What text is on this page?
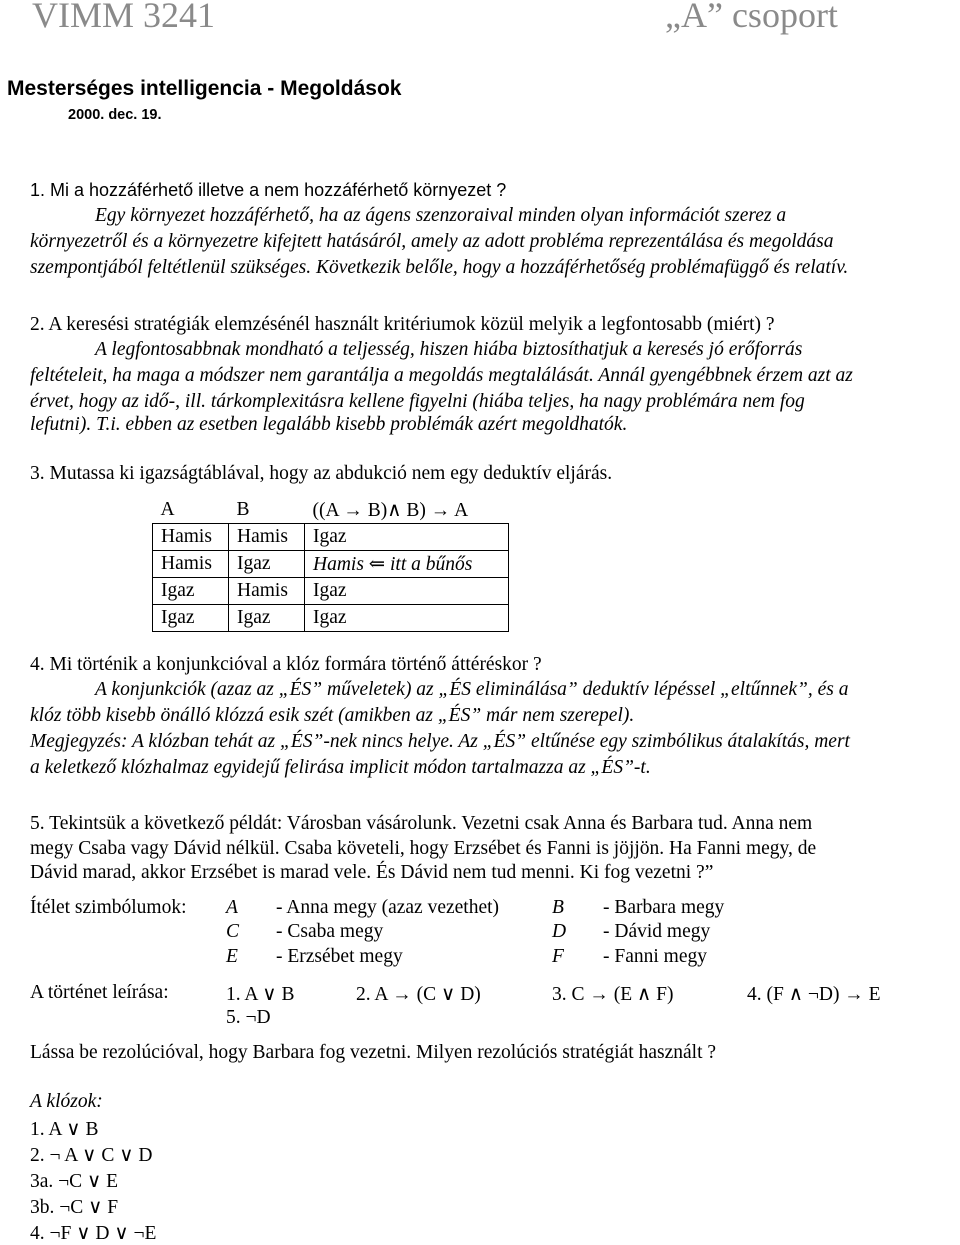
VIMM 3241	„A” csoport
Mesterséges intelligencia - Megoldások
2000. dec. 19.
1. Mi a hozzáférhető illetve a nem hozzáférhető környezet ?
Egy környezet hozzáférhető, ha az ágens szenzoraival minden olyan információt szerez a
környezetről és a környezetre kifejtett hatásáról, amely az adott probléma reprezentálása és megoldása
szempontjából feltétlenül szükséges. Következik belőle, hogy a hozzáférhetőség problémafüggő és relatív.
2. A keresési stratégiák elemzésénél használt kritériumok közül melyik a legfontosabb (miért) ?
A legfontosabbnak mondható a teljesség, hiszen hiába biztosíthatjuk a keresés jó erőforrás
feltételeit, ha maga a módszer nem garantálja a megoldás megtalálását. Annál gyengébbnek érzem azt az
érvet, hogy az idő-, ill. tárkomplexitásra kellene figyelni (hiába teljes, ha nagy problémára nem fog
lefutni). T.i. ebben az esetben legalább kisebb problémák azért megoldhatók.
3. Mutassa ki igazságtáblával, hogy az abdukció nem egy deduktív eljárás.
A	B	((A → B)∧ B) → A
Hamis	Hamis	Igaz
Hamis	Igaz	Hamis ⇐ itt a bűnős
Igaz	Hamis	Igaz
Igaz	Igaz	Igaz
4. Mi történik a konjunkcióval a klóz formára történő áttéréskor ?
A konjunkciók (azaz az „ÉS” műveletek) az „ÉS eliminálása” deduktív lépéssel „eltűnnek”, és a
klóz több kisebb önálló klózzá esik szét (amikben az „ÉS” már nem szerepel).
Megjegyzés: A klózban tehát az „ÉS”-nek nincs helye. Az „ÉS” eltűnése egy szimbólikus átalakítás, mert
a keletkező klózhalmaz egyidejű felirása implicit módon tartalmazza az „ÉS”-t.
5. Tekintsük a következő példát: Városban vásárolunk. Vezetni csak Anna és Barbara tud. Anna nem
megy Csaba vagy Dávid nélkül. Csaba követeli, hogy Erzsébet és Fanni is jöjjön. Ha Fanni megy, de
Dávid marad, akkor Erzsébet is marad vele. És Dávid nem tud menni. Ki fog vezetni ?”
Ítélet szimbólumok: A - Anna megy (azaz vezethet)	B - Barbara megy
C - Csaba megy	D - Dávid megy
E - Erzsébet megy	F - Fanni megy
A történet leírása:	1. A ∨ B	2. A → (C ∨ D)	3. C → (E ∧ F)	4. (F ∧ ¬D) → E
5. ¬D
Lássa be rezolúcióval, hogy Barbara fog vezetni. Milyen rezolúciós stratégiát használt ?
A klózok:
1. A ∨ B
2. ¬ A ∨ C ∨ D
3a. ¬C ∨ E
3b. ¬C ∨ F
4. ¬F ∨ D ∨ ¬E
